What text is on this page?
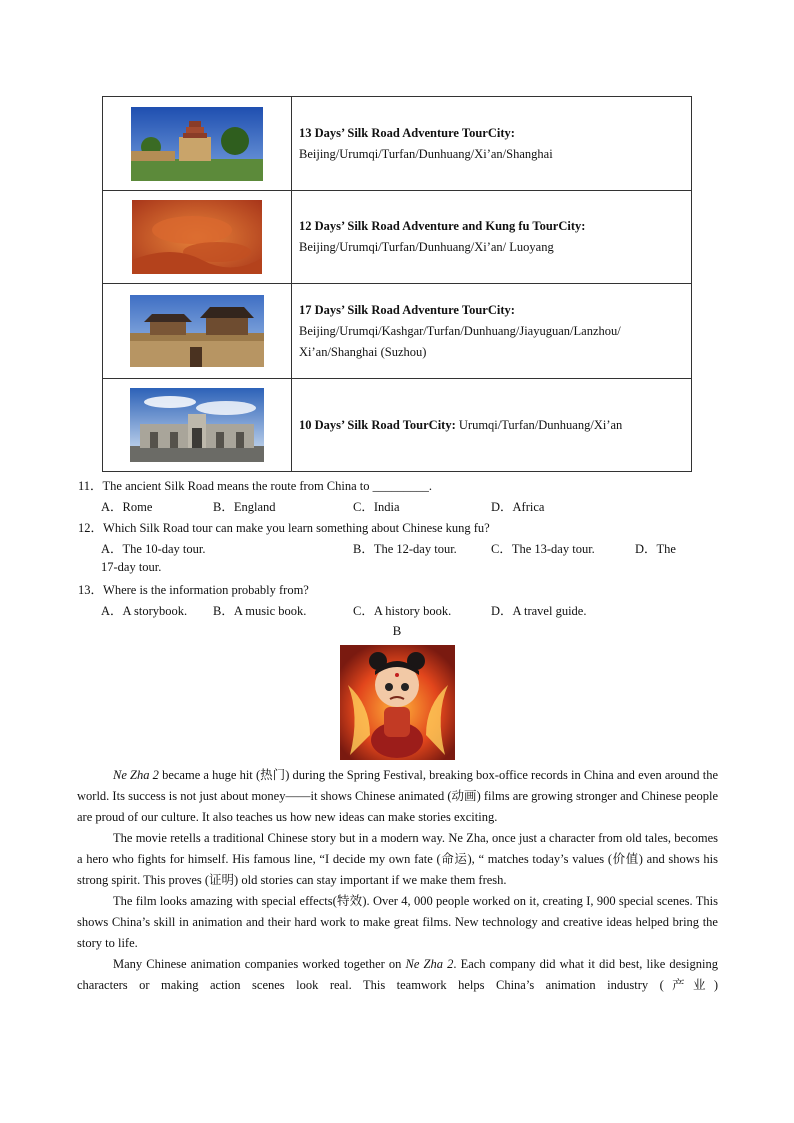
	13 Days’ Silk Road Adventure TourCity:
Beijing/Urumqi/Turfan/Dunhuang/Xi’an/Shanghai
	12 Days’ Silk Road Adventure and Kung fu TourCity:
Beijing/Urumqi/Turfan/Dunhuang/Xi’an/ Luoyang
	17 Days’ Silk Road Adventure TourCity:
Beijing/Urumqi/Kashgar/Turfan/Dunhuang/Jiayuguan/Lanzhou/
Xi’an/Shanghai (Suzhou)
	10 Days’ Silk Road TourCity: Urumqi/Turfan/Dunhuang/Xi’an
11．The ancient Silk Road means the route from China to _________.
A．Rome	B．England	C．India	D．Africa
12．Which Silk Road tour can make you learn something about Chinese kung fu?
A．The 10-day tour.	B．The 12-day tour.	C．The 13-day tour.	D．The
17-day tour.
13．Where is the information probably from?
A．A storybook. B．A music book.	C．A history book.	D．A travel guide.
B

Ne Zha 2 became a huge hit (热门) during the Spring Festival, breaking box-office records in China and even around the world. Its success is not just about money——it shows Chinese animated (动画) films are growing stronger and Chinese people are proud of our culture. It also teaches us how new ideas can make stories exciting.

The movie retells a traditional Chinese story but in a modern way. Ne Zha, once just a character from old tales, becomes a hero who fights for himself. His famous line, “I decide my own fate (命运), “ matches today’s values (价值) and shows his strong spirit. This proves (证明) old stories can stay important if we make them fresh.

The film looks amazing with special effects(特效). Over 4, 000 people worked on it, creating I, 900 special scenes. This shows China’s skill in animation and their hard work to make great films. New technology and creative ideas helped bring the story to life.

Many Chinese animation companies worked together on Ne Zha 2. Each company did what it did best, like designing characters or making action scenes look real. This teamwork helps China’s animation industry (产业)
